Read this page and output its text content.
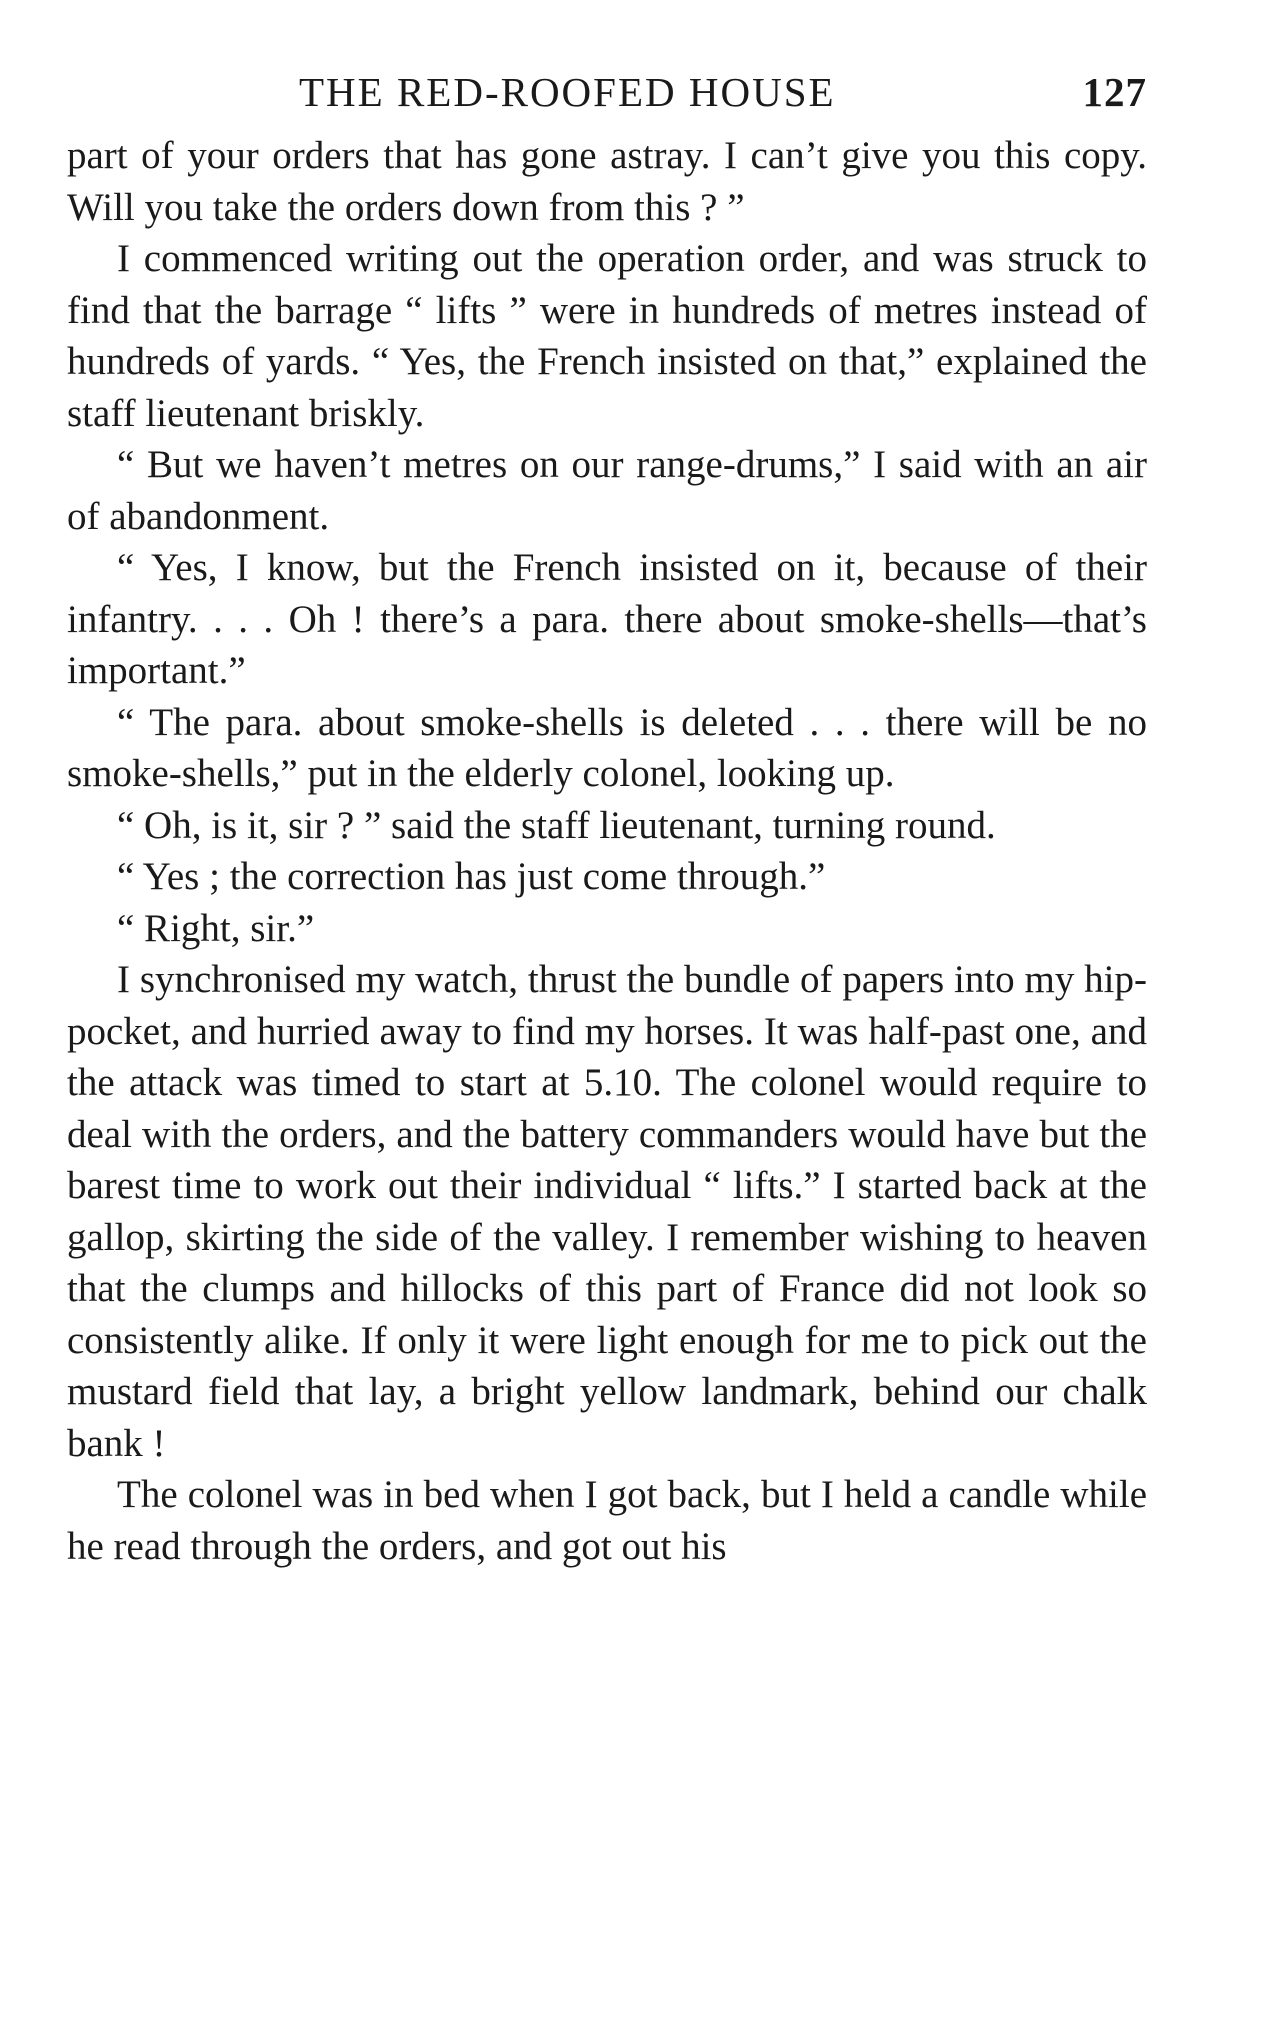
THE RED-ROOFED HOUSE	127

part of your orders that has gone astray. I can’t give you this copy. Will you take the orders down from this ? ”

I commenced writing out the operation order, and was struck to find that the barrage “ lifts ” were in hundreds of metres instead of hundreds of yards. “ Yes, the French insisted on that,” explained the staff lieutenant briskly.

“ But we haven’t metres on our range-drums,” I said with an air of abandonment.

“ Yes, I know, but the French insisted on it, because of their infantry. . . . Oh ! there’s a para. there about smoke-shells—that’s important.”

“ The para. about smoke-shells is deleted . . . there will be no smoke-shells,” put in the elderly colonel, looking up.

“ Oh, is it, sir ? ” said the staff lieutenant, turning round.

“ Yes ; the correction has just come through.”

“ Right, sir.”

I synchronised my watch, thrust the bundle of papers into my hip-pocket, and hurried away to find my horses. It was half-past one, and the attack was timed to start at 5.10. The colonel would require to deal with the orders, and the battery commanders would have but the barest time to work out their individual “ lifts.” I started back at the gallop, skirting the side of the valley. I remember wishing to heaven that the clumps and hillocks of this part of France did not look so consistently alike. If only it were light enough for me to pick out the mustard field that lay, a bright yellow landmark, behind our chalk bank !

The colonel was in bed when I got back, but I held a candle while he read through the orders, and got out his
